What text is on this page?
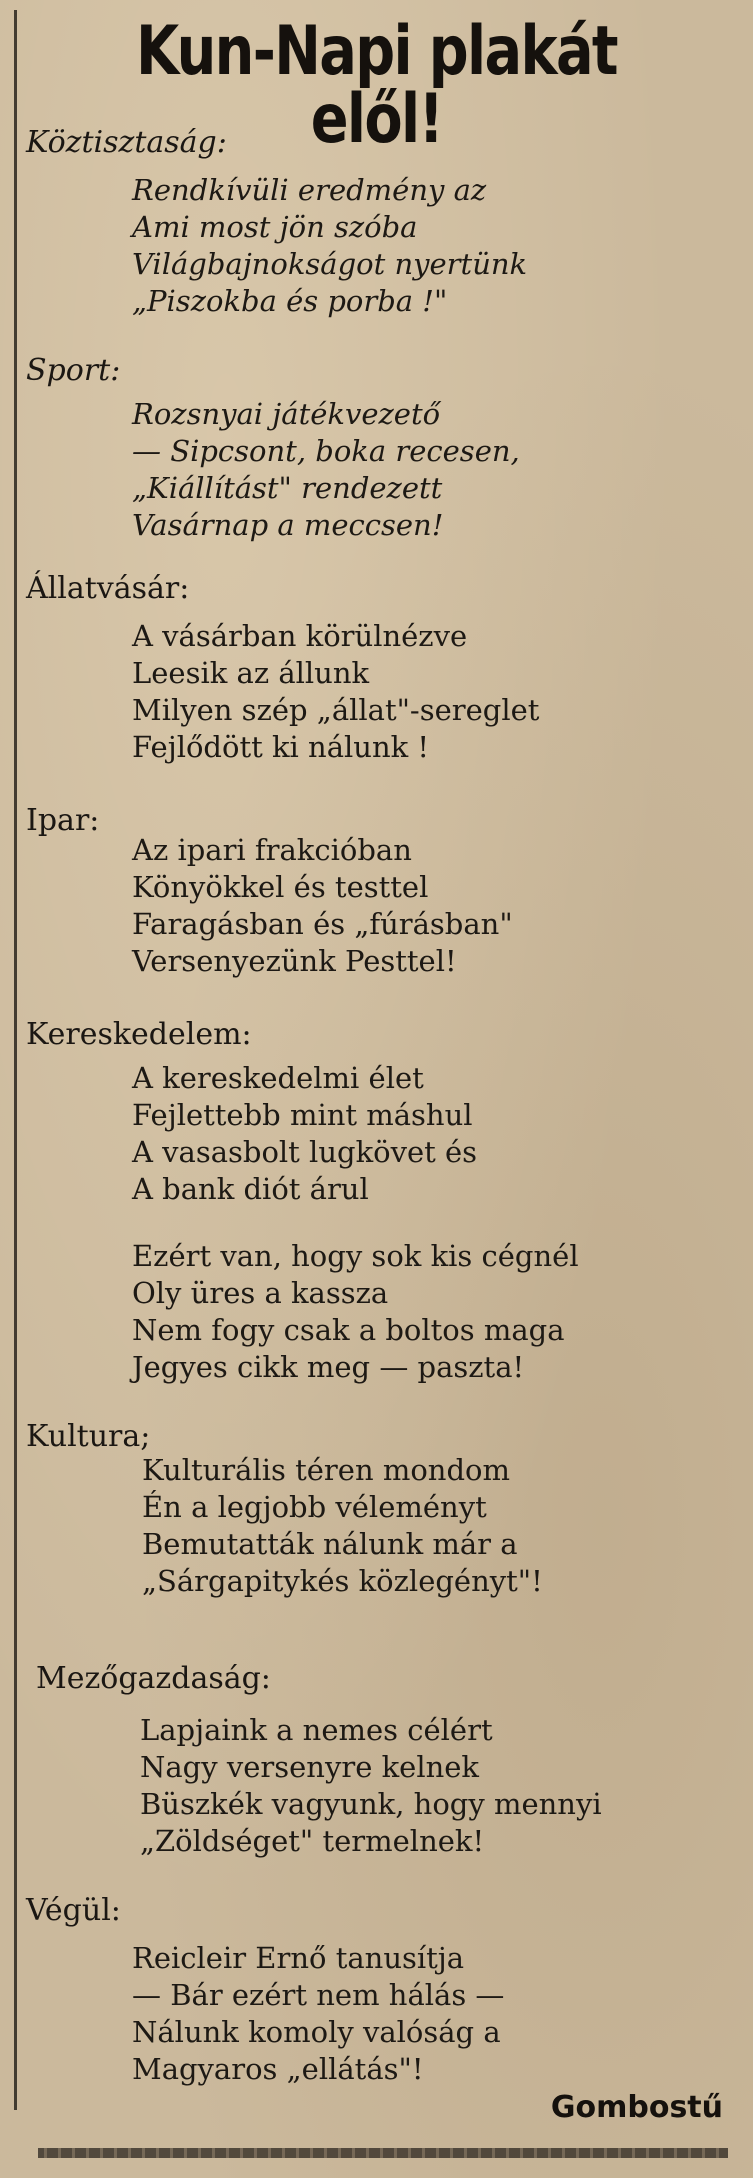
Kun-Napi plakát elől!
Köztisztaság:
Rendkívüli eredmény az
Ami most jön szóba
Világbajnokságot nyertünk
„Piszokba és porba !"
Sport:
Rozsnyai játékvezető
— Sipcsont, boka recesen,
„Kiállítást" rendezett
Vasárnap a meccsen!
Állatvásár:
A vásárban körülnézve
Leesik az állunk
Milyen szép „állat"-sereglet
Fejlődött ki nálunk !
Ipar:
Az ipari frakcióban
Könyökkel és testtel
Faragásban és „fúrásban"
Versenyezünk Pesttel!
Kereskedelem:
A kereskedelmi élet
Fejlettebb mint máshul
A vasasbolt lugkövet és
A bank diót árul
Ezért van, hogy sok kis cégnél
Oly üres a kassza
Nem fogy csak a boltos maga
Jegyes cikk meg — paszta!
Kultura;
Kulturális téren mondom
Én a legjobb véleményt
Bemutatták nálunk már a
„Sárgapitykés közlegényt"!
Mezőgazdaság:
Lapjaink a nemes célért
Nagy versenyre kelnek
Büszkék vagyunk, hogy mennyi
„Zöldséget" termelnek!
Végül:
Reicleir Ernő tanusítja
— Bár ezért nem hálás —
Nálunk komoly valóság a
Magyaros „ellátás"!
Gombostű
